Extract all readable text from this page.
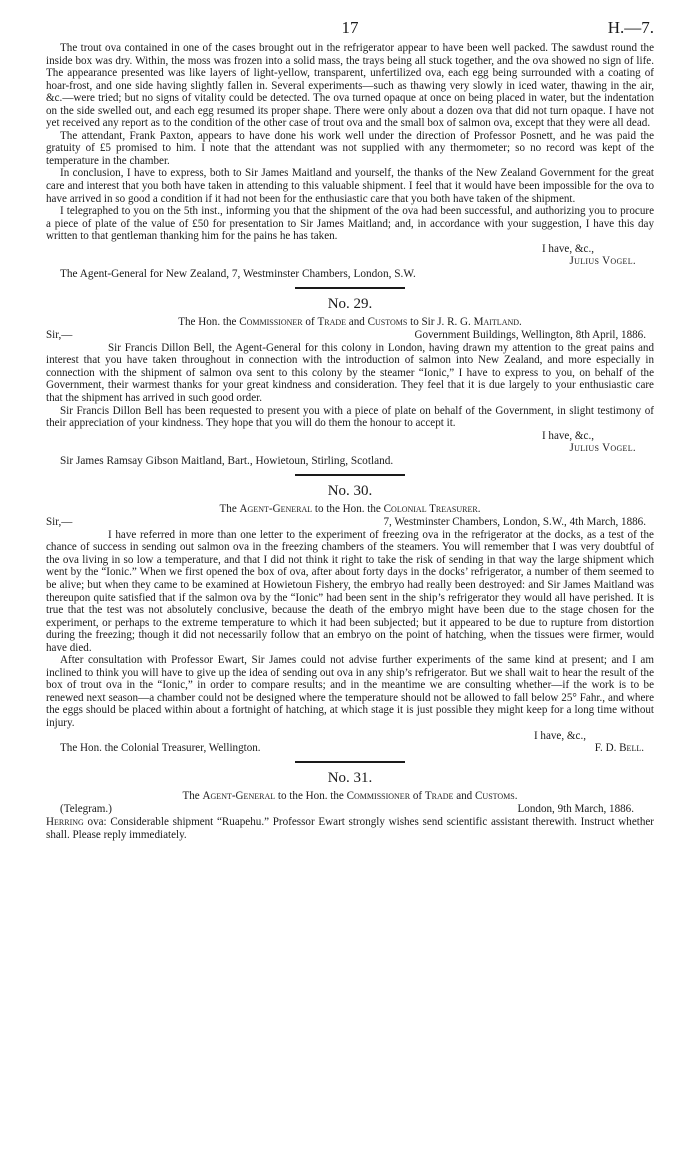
17	H.—7.

The trout ova contained in one of the cases brought out in the refrigerator appear to have been well packed. The sawdust round the inside box was dry. Within, the moss was frozen into a solid mass, the trays being all stuck together, and the ova showed no sign of life. The appearance presented was like layers of light-yellow, transparent, unfertilized ova, each egg being surrounded with a coating of hoar-frost, and one side having slightly fallen in. Several experiments—such as thawing very slowly in iced water, thawing in the air, &c.—were tried; but no signs of vitality could be detected. The ova turned opaque at once on being placed in water, but the indentation on the side swelled out, and each egg resumed its proper shape. There were only about a dozen ova that did not turn opaque. I have not yet received any report as to the condition of the other case of trout ova and the small box of salmon ova, except that they were all dead.

The attendant, Frank Paxton, appears to have done his work well under the direction of Professor Posnett, and he was paid the gratuity of £5 promised to him. I note that the attendant was not supplied with any thermometer; so no record was kept of the temperature in the chamber.

In conclusion, I have to express, both to Sir James Maitland and yourself, the thanks of the New Zealand Government for the great care and interest that you both have taken in attending to this valuable shipment. I feel that it would have been impossible for the ova to have arrived in so good a condition if it had not been for the enthusiastic care that you both have taken of the shipment.

I telegraphed to you on the 5th inst., informing you that the shipment of the ova had been successful, and authorizing you to procure a piece of plate of the value of £50 for presentation to Sir James Maitland; and, in accordance with your suggestion, I have this day written to that gentleman thanking him for the pains he has taken.

I have, &c.,

Julius Vogel.

The Agent-General for New Zealand, 7, Westminster Chambers, London, S.W.

No. 29.
The Hon. the Commissioner of Trade and Customs to Sir J. R. G. Maitland.
Sir,—	Government Buildings, Wellington, 8th April, 1886.

Sir Francis Dillon Bell, the Agent-General for this colony in London, having drawn my attention to the great pains and interest that you have taken throughout in connection with the introduction of salmon into New Zealand, and more especially in connection with the shipment of salmon ova sent to this colony by the steamer “Ionic,” I have to express to you, on behalf of the Government, their warmest thanks for your great kindness and consideration. They feel that it is due largely to your enthusiastic care that the shipment has arrived in such good order.

Sir Francis Dillon Bell has been requested to present you with a piece of plate on behalf of the Government, in slight testimony of their appreciation of your kindness. They hope that you will do them the honour to accept it.

I have, &c.,

Julius Vogel.

Sir James Ramsay Gibson Maitland, Bart., Howietoun, Stirling, Scotland.

No. 30.
The Agent-General to the Hon. the Colonial Treasurer.
Sir,—	7, Westminster Chambers, London, S.W., 4th March, 1886.

I have referred in more than one letter to the experiment of freezing ova in the refrigerator at the docks, as a test of the chance of success in sending out salmon ova in the freezing chambers of the steamers. You will remember that I was very doubtful of the ova living in so low a temperature, and that I did not think it right to take the risk of sending in that way the large shipment which went by the “Ionic.” When we first opened the box of ova, after about forty days in the docks’ refrigerator, a number of them seemed to be alive; but when they came to be examined at Howietoun Fishery, the embryo had really been destroyed: and Sir James Maitland was thereupon quite satisfied that if the salmon ova by the “Ionic” had been sent in the ship’s refrigerator they would all have perished. It is true that the test was not absolutely conclusive, because the death of the embryo might have been due to the stage chosen for the experiment, or perhaps to the extreme temperature to which it had been subjected; but it appeared to be due to rupture from distortion during the freezing; though it did not necessarily follow that an embryo on the point of hatching, when the tissues were firmer, would have died.

After consultation with Professor Ewart, Sir James could not advise further experiments of the same kind at present; and I am inclined to think you will have to give up the idea of sending out ova in any ship’s refrigerator. But we shall wait to hear the result of the box of trout ova in the “Ionic,” in order to compare results; and in the meantime we are consulting whether—if the work is to be renewed next season—a chamber could not be designed where the temperature should not be allowed to fall below 25° Fahr., and where the eggs should be placed within about a fortnight of hatching, at which stage it is just possible they might keep for a long time without injury.

I have, &c.,

The Hon. the Colonial Treasurer, Wellington.	F. D. Bell.
No. 31.
The Agent-General to the Hon. the Commissioner of Trade and Customs.
(Telegram.)	London, 9th March, 1886.

Herring ova: Considerable shipment “Ruapehu.” Professor Ewart strongly wishes send scientific assistant therewith. Instruct whether shall. Please reply immediately.
